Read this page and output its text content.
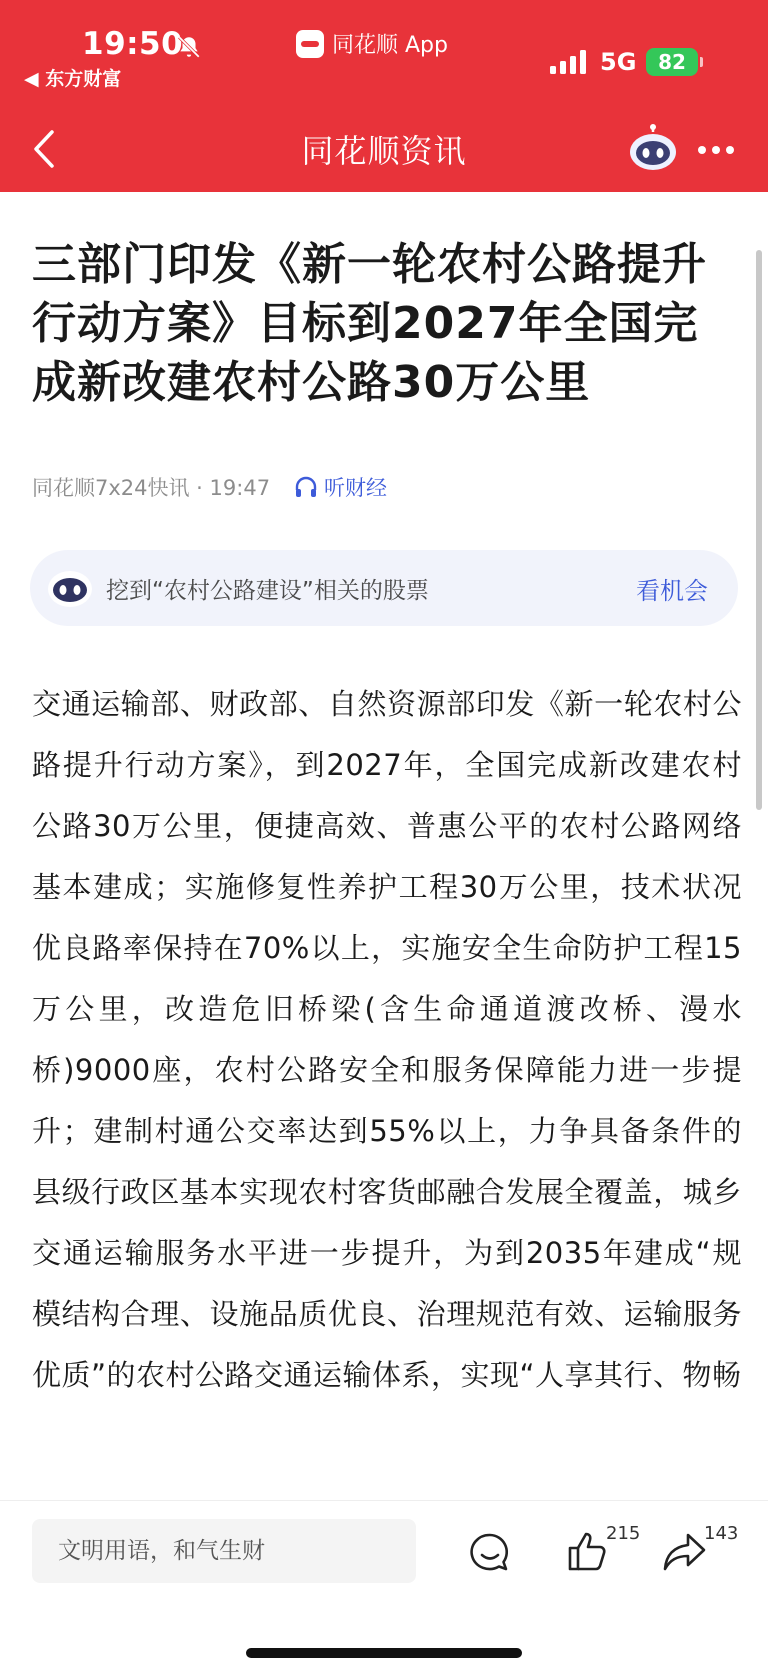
19:50
◀ 东方财富
同花顺 App
5G 82
同花顺资讯
三部门印发《新一轮农村公路提升行动方案》目标到2027年全国完成新改建农村公路30万公里
同花顺7x24快讯 · 19:47	听财经
挖到“农村公路建设”相关的股票	看机会
交通运输部、财政部、自然资源部印发《新一轮农村公路提升行动方案》，到2027年，全国完成新改建农村公路30万公里，便捷高效、普惠公平的农村公路网络基本建成；实施修复性养护工程30万公里，技术状况优良路率保持在70%以上，实施安全生命防护工程15万公里，改造危旧桥梁(含生命通道渡改桥、漫水桥)9000座，农村公路安全和服务保障能力进一步提升；建制村通公交率达到55%以上，力争具备条件的县级行政区基本实现农村客货邮融合发展全覆盖，城乡交通运输服务水平进一步提升，为到2035年建成“规模结构合理、设施品质优良、治理规范有效、运输服务优质”的农村公路交通运输体系，实现“人享其行、物畅
文明用语，和气生财
215	143
